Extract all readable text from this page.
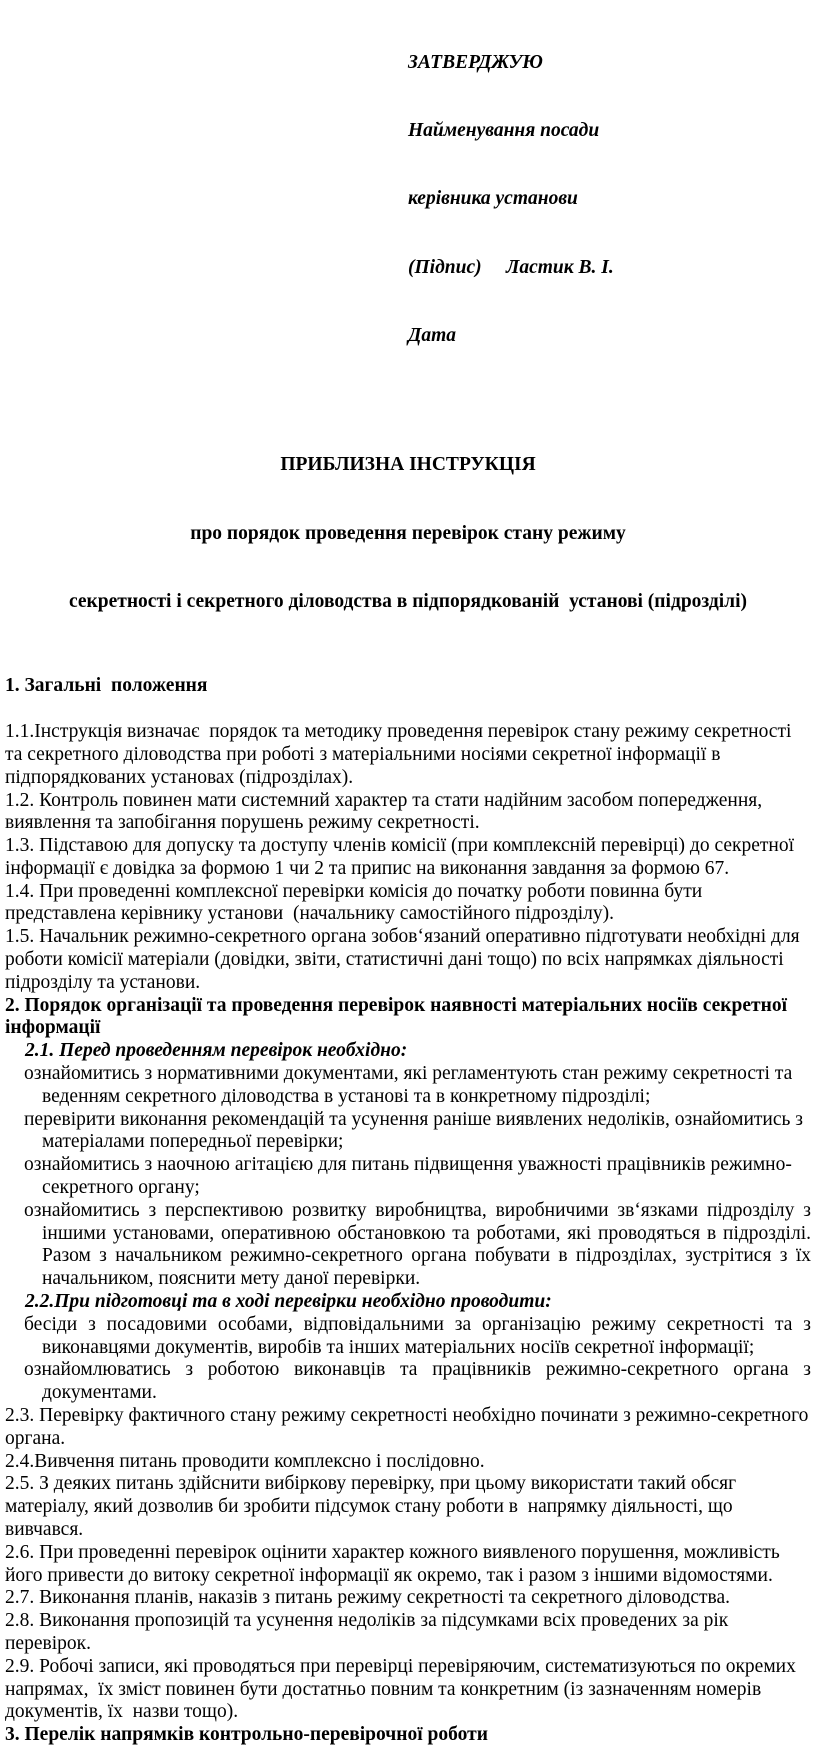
ЗАТВЕРДЖУЮ

Найменування посади

керівника установи

(Підпис)     Ластик В. І.

Дата

ПРИБЛИЗНА ІНСТРУКЦІЯ

про порядок проведення перевірок стану режиму

секретності і секретного діловодства в підпорядкованій  установі (підрозділі)

1. Загальні  положення

1.1.Інструкція визначає  порядок та методику проведення перевірок стану режиму секретності та секретного діловодства при роботі з матеріальними носіями секретної інформації в підпорядкованих установах (підрозділах).

1.2. Контроль повинен мати системний характер та стати надійним засобом попередження, виявлення та запобігання порушень режиму секретності.

1.3. Підставою для допуску та доступу членів комісії (при комплексній перевірці) до секретної інформації є довідка за формою 1 чи 2 та припис на виконання завдання за формою 67.

1.4. При проведенні комплексної перевірки комісія до початку роботи повинна бути представлена керівнику установи  (начальнику самостійного підрозділу).

1.5. Начальник режимно-секретного органа зобов‘язаний оперативно підготувати необхідні для роботи комісії матеріали (довідки, звіти, статистичні дані тощо) по всіх напрямках діяльності підрозділу та установи.

2. Порядок організації та проведення перевірок наявності матеріальних носіїв секретної інформації

2.1. Перед проведенням перевірок необхідно:

ознайомитись з нормативними документами, які регламентують стан режиму секретності та веденням секретного діловодства в установі та в конкретному підрозділі;

перевірити виконання рекомендацій та усунення раніше виявлених недоліків, ознайомитись з матеріалами попередньої перевірки;

ознайомитись з наочною агітацією для питань підвищення уважності працівників режимно-секретного органу;

ознайомитись з перспективою розвитку виробництва, виробничими зв‘язками підрозділу з іншими установами, оперативною обстановкою та роботами, які проводяться в підрозділі. Разом з начальником режимно-секретного органа побувати в підрозділах, зустрітися з їх начальником, пояснити мету даної перевірки.

2.2.При підготовці та в ході перевірки необхідно проводити:

бесіди з посадовими особами, відповідальними за організацію режиму секретності та з виконавцями документів, виробів та інших матеріальних носіїв секретної інформації;

ознайомлюватись з роботою виконавців та працівників режимно-секретного органа з документами.

2.3. Перевірку фактичного стану режиму секретності необхідно починати з режимно-секретного органа.

2.4.Вивчення питань проводити комплексно і послідовно.

2.5. З деяких питань здійснити вибіркову перевірку, при цьому використати такий обсяг матеріалу, який дозволив би зробити підсумок стану роботи в  напрямку діяльності, що вивчався.

2.6. При проведенні перевірок оцінити характер кожного виявленого порушення, можливість його привести до витоку секретної інформації як окремо, так і разом з іншими відомостями.

2.7. Виконання планів, наказів з питань режиму секретності та секретного діловодства.

2.8. Виконання пропозицій та усунення недоліків за підсумками всіх проведених за рік перевірок.

2.9. Робочі записи, які проводяться при перевірці перевіряючим, систематизуються по окремих напрямах,  їх зміст повинен бути достатньо повним та конкретним (із зазначенням номерів документів, їх  назви тощо).

3. Перелік напрямків контрольно-перевірочної роботи
